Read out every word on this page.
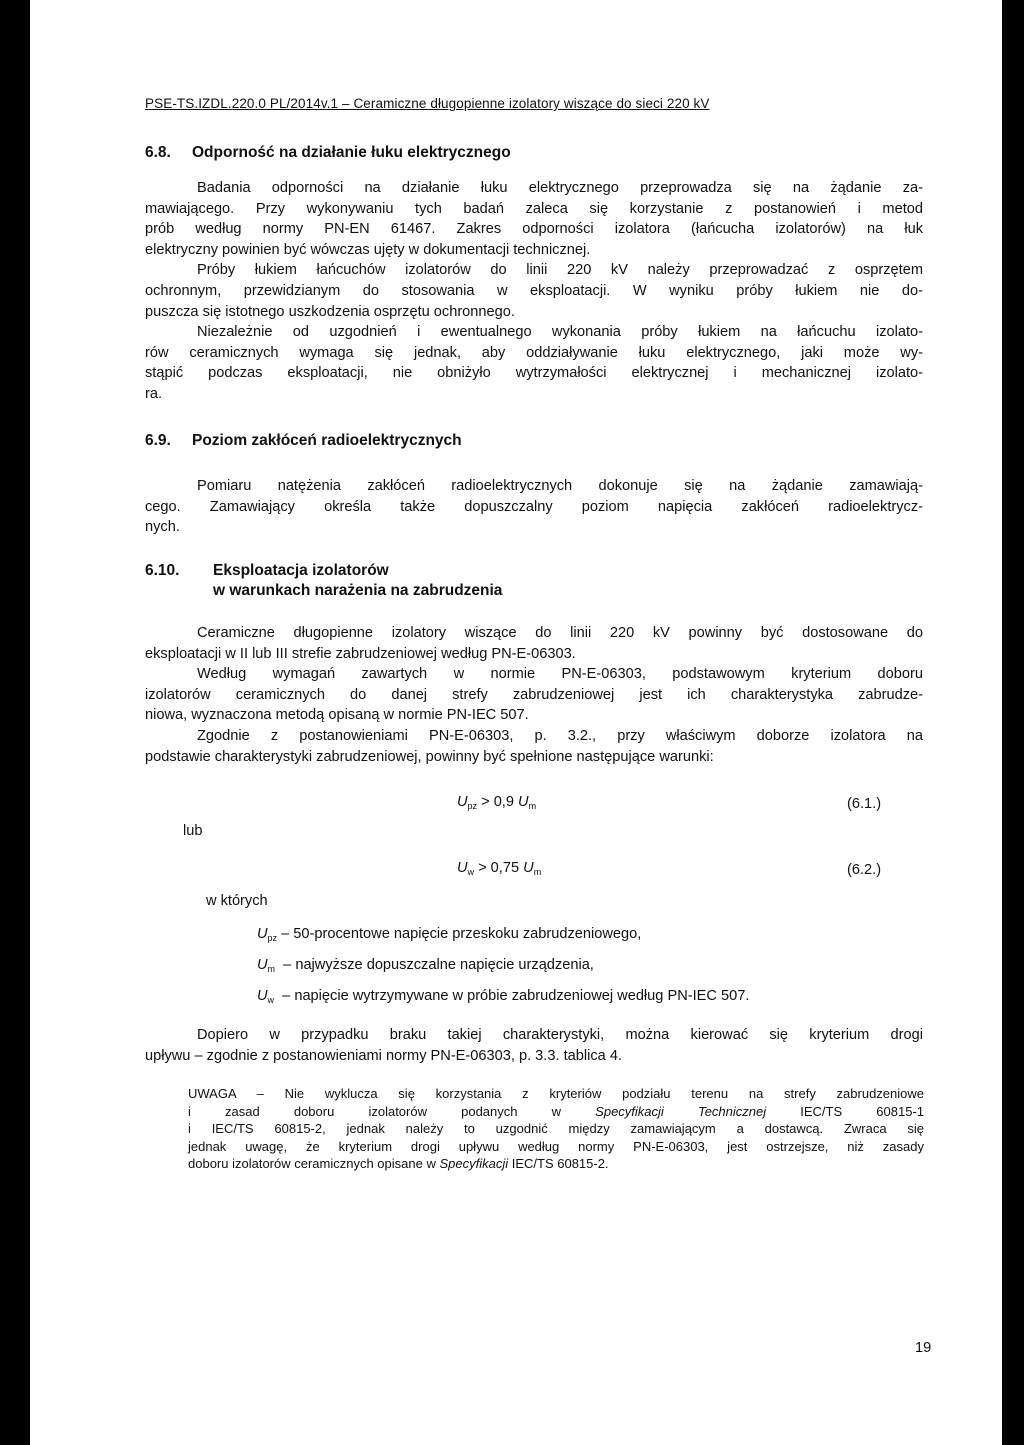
PSE-TS.IZDL.220.0 PL/2014v.1 – Ceramiczne długopienne izolatory wiszące do sieci 220 kV
6.8. Odporność na działanie łuku elektrycznego
Badania odporności na działanie łuku elektrycznego przeprowadza się na żądanie za-
mawiającego. Przy wykonywaniu tych badań zaleca się korzystanie z postanowień i metod
prób według normy PN-EN 61467. Zakres odporności izolatora (łańcucha izolatorów) na łuk
elektryczny powinien być wówczas ujęty w dokumentacji technicznej.
Próby łukiem łańcuchów izolatorów do linii 220 kV należy przeprowadzać z osprzętem
ochronnym, przewidzianym do stosowania w eksploatacji. W wyniku próby łukiem nie do-
puszcza się istotnego uszkodzenia osprzętu ochronnego.
Niezależnie od uzgodnień i ewentualnego wykonania próby łukiem na łańcuchu izolato-
rów ceramicznych wymaga się jednak, aby oddziaływanie łuku elektrycznego, jaki może wy-
stąpić podczas eksploatacji, nie obniżyło wytrzymałości elektrycznej i mechanicznej izolato-
ra.
6.9. Poziom zakłóceń radioelektrycznych
Pomiaru natężenia zakłóceń radioelektrycznych dokonuje się na żądanie zamawiają-
cego. Zamawiający określa także dopuszczalny poziom napięcia zakłóceń radioelektrycz-
nych.
6.10. Eksploatacja izolatorów
w warunkach narażenia na zabrudzenia
Ceramiczne długopienne izolatory wiszące do linii 220 kV powinny być dostosowane do
eksploatacji w II lub III strefie zabrudzeniowej według PN-E-06303.
Według wymagań zawartych w normie PN-E-06303, podstawowym kryterium doboru
izolatorów ceramicznych do danej strefy zabrudzeniowej jest ich charakterystyka zabrudze-
niowa, wyznaczona metodą opisaną w normie PN-IEC 507.
Zgodnie z postanowieniami PN-E-06303, p. 3.2., przy właściwym doborze izolatora na
podstawie charakterystyki zabrudzeniowej, powinny być spełnione następujące warunki:
$U_{pz} > 0,9$ $U_m$	(6.1.)
lub
$U_w > 0,75$ $U_m$	(6.2.)
w których
$U_{pz}$ – 50-procentowe napięcie przeskoku zabrudzeniowego,
$U_m$  – najwyższe dopuszczalne napięcie urządzenia,
$U_w$  – napięcie wytrzymywane w próbie zabrudzeniowej według PN-IEC 507.
Dopiero w przypadku braku takiej charakterystyki, można kierować się kryterium drogi
upływu – zgodnie z postanowieniami normy PN-E-06303, p. 3.3. tablica 4.
UWAGA – Nie wyklucza się korzystania z kryteriów podziału terenu na strefy zabrudzeniowe
i zasad doboru izolatorów podanych w Specyfikacji Technicznej IEC/TS 60815-1
i IEC/TS 60815-2, jednak należy to uzgodnić między zamawiającym a dostawcą. Zwraca się
jednak uwagę, że kryterium drogi upływu według normy PN-E-06303, jest ostrzejsze, niż zasady
doboru izolatorów ceramicznych opisane w Specyfikacji IEC/TS 60815-2.
19
